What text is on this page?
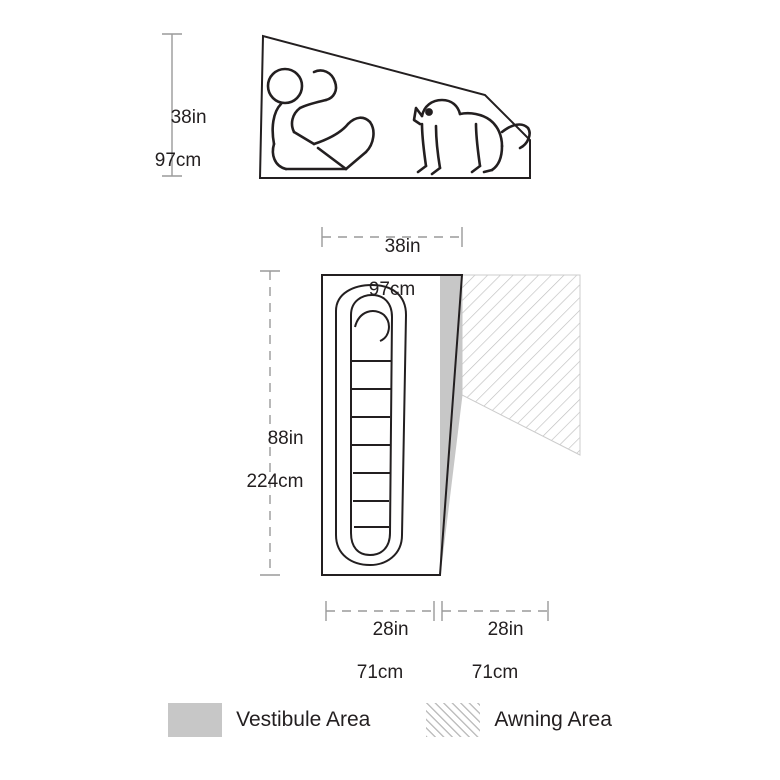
38in

97cm

38in

97cm

88in

224cm

28in

71cm

28in

71cm

Vestibule Area	Awning Area
